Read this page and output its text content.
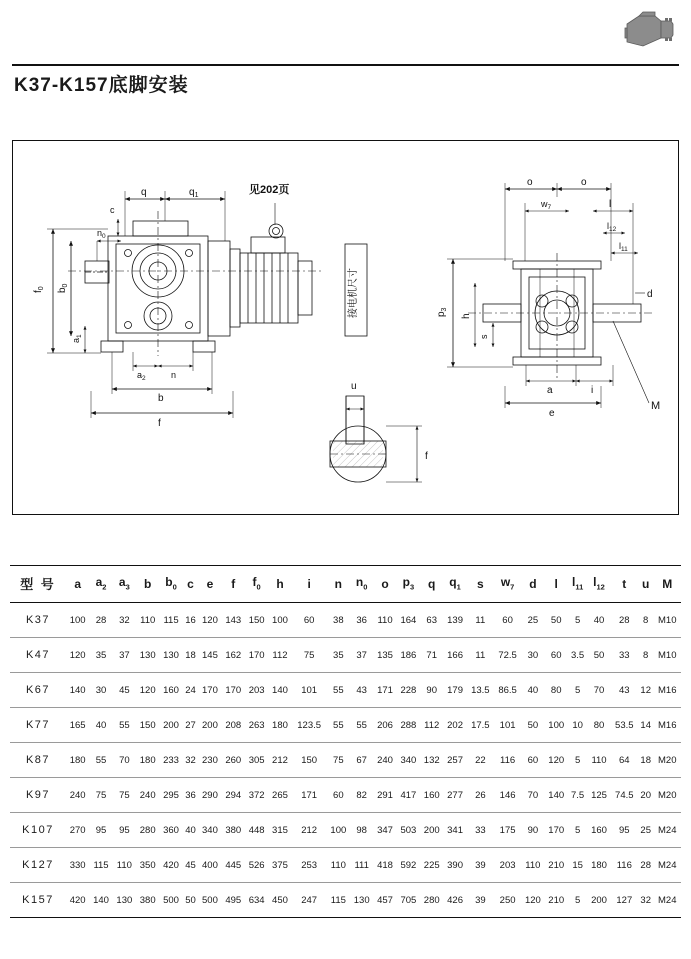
K37-K157底脚安装
q	$q_1$	见202页
c
$n_0$
$f_0$ $b_0$
$a_1$
$a_2$	n
b
f
接电机尺寸
u
f
o	o
$w_7$	l
$l_{12}$
$l_{11}$
$p_3$
h
s
a	i
e
d
M
型 号	a	$a_2$	$a_3$	b	$b_0$	c	e	f	$f_0$	h	i	n	$n_0$	o	$p_3$	q	$q_1$	s	$w_7$	d	l	$l_{11}$	$l_{12}$	t	u	M
K37	100	28	32	110	115	16	120	143	150	100	60	38	36	110	164	63	139	11	60	25	50	5	40	28	8	M10
K47	120	35	37	130	130	18	145	162	170	112	75	35	37	135	186	71	166	11	72.5	30	60	3.5	50	33	8	M10
K67	140	30	45	120	160	24	170	170	203	140	101	55	43	171	228	90	179	13.5	86.5	40	80	5	70	43	12	M16
K77	165	40	55	150	200	27	200	208	263	180	123.5	55	55	206	288	112	202	17.5	101	50	100	10	80	53.5	14	M16
K87	180	55	70	180	233	32	230	260	305	212	150	75	67	240	340	132	257	22	116	60	120	5	110	64	18	M20
K97	240	75	75	240	295	36	290	294	372	265	171	60	82	291	417	160	277	26	146	70	140	7.5	125	74.5	20	M20
K107	270	95	95	280	360	40	340	380	448	315	212	100	98	347	503	200	341	33	175	90	170	5	160	95	25	M24
K127	330	115	110	350	420	45	400	445	526	375	253	110	111	418	592	225	390	39	203	110	210	15	180	116	28	M24
K157	420	140	130	380	500	50	500	495	634	450	247	115	130	457	705	280	426	39	250	120	210	5	200	127	32	M24
